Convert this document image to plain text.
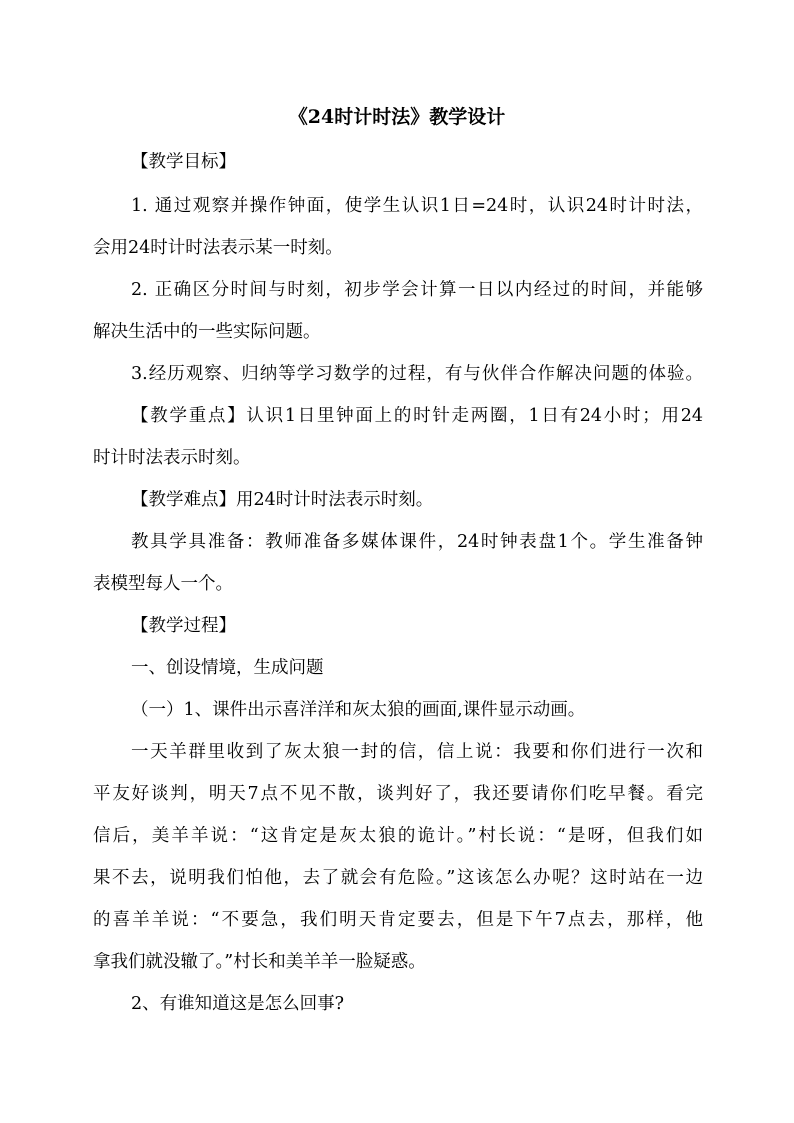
《24时计时法》教学设计
【教学目标】
1. 通过观察并操作钟面，使学生认识1日=24时，认识24时计时法，
会用24时计时法表示某一时刻。
2. 正确区分时间与时刻，初步学会计算一日以内经过的时间，并能够
解决生活中的一些实际问题。
3.经历观察、归纳等学习数学的过程，有与伙伴合作解决问题的体验。
【教学重点】认识1日里钟面上的时针走两圈，1日有24小时；用24
时计时法表示时刻。
【教学难点】用24时计时法表示时刻。
教具学具准备：教师准备多媒体课件，24时钟表盘1个。学生准备钟
表模型每人一个。
【教学过程】
一、创设情境，生成问题
（一）1、课件出示喜洋洋和灰太狼的画面,课件显示动画。
一天羊群里收到了灰太狼一封的信，信上说：我要和你们进行一次和
平友好谈判，明天7点不见不散，谈判好了，我还要请你们吃早餐。看完
信后，美羊羊说：“这肯定是灰太狼的诡计。”村长说：“是呀，但我们如
果不去，说明我们怕他，去了就会有危险。”这该怎么办呢？这时站在一边
的喜羊羊说：“不要急，我们明天肯定要去，但是下午7点去，那样，他
拿我们就没辙了。”村长和美羊羊一脸疑惑。
2、有谁知道这是怎么回事?
